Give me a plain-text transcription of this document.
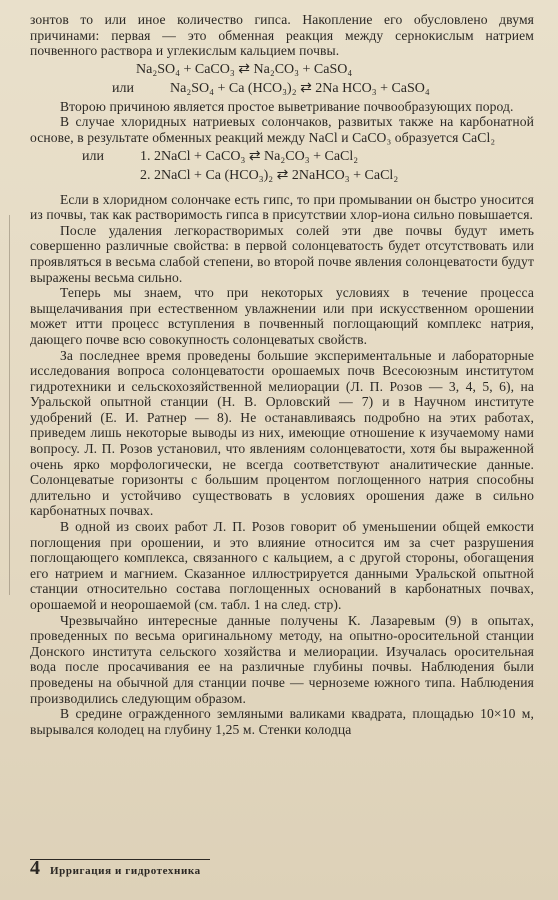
зонтов то или иное количество гипса. Накопление его обусловлено двумя причинами: первая — это обменная реакция между сернокислым натрием почвенного раствора и углекислым кальцием почвы.

Na₂SO₄ + CaCO₃ ⇄ Na₂CO₃ + CaSO₄
или	Na₂SO₄ + Ca (HCO₃)₂ ⇄ 2Na HCO₃ + CaSO₄

Второю причиною является простое выветривание почвообразующих пород.

В случае хлоридных натриевых солончаков, развитых также на карбонатной основе, в результате обменных реакций между NaCl и CaCO₃ образуется CaCl₂

или	1. 2NaCl + CaCO₃ ⇄ Na₂CO₃ + CaCl₂
2. 2NaCl + Ca (HCO₃)₂ ⇄ 2NaHCO₃ + CaCl₂

Если в хлоридном солончаке есть гипс, то при промывании он быстро уносится из почвы, так как растворимость гипса в присутствии хлор-иона сильно повышается.

После удаления легкорастворимых солей эти две почвы будут иметь совершенно различные свойства: в первой солонцеватость будет отсутствовать или проявляться в весьма слабой степени, во второй почве явления солонцеватости будут выражены весьма сильно.

Теперь мы знаем, что при некоторых условиях в течение процесса выщелачивания при естественном увлажнении или при искусственном орошении может итти процесс вступления в почвенный поглощающий комплекс натрия, дающего почве всю совокупность солонцеватых свойств.

За последнее время проведены большие экспериментальные и лабораторные исследования вопроса солонцеватости орошаемых почв Всесоюзным институтом гидротехники и сельскохозяйственной мелиорации (Л. П. Розов — 3, 4, 5, 6), на Уральской опытной станции (Н. В. Орловский — 7) и в Научном институте удобрений (Е. И. Ратнер — 8). Не останавливаясь подробно на этих работах, приведем лишь некоторые выводы из них, имеющие отношение к изучаемому нами вопросу. Л. П. Розов установил, что явлениям солонцеватости, хотя бы выраженной очень ярко морфологически, не всегда соответствуют аналитические данные. Солонцеватые горизонты с большим процентом поглощенного натрия способны длительно и устойчиво существовать в условиях орошения даже в сильно карбонатных почвах.

В одной из своих работ Л. П. Розов говорит об уменьшении общей емкости поглощения при орошении, и это влияние относится им за счет разрушения поглощающего комплекса, связанного с кальцием, а с другой стороны, обогащения его натрием и магнием. Сказанное иллюстрируется данными Уральской опытной станции относительно состава поглощенных оснований в карбонатных почвах, орошаемой и неорошаемой (см. табл. 1 на след. стр).

Чрезвычайно интересные данные получены К. Лазаревым (9) в опытах, проведенных по весьма оригинальному методу, на опытно-оросительной станции Донского института сельского хозяйства и мелиорации. Изучалась оросительная вода после просачивания ее на различные глубины почвы. Наблюдения были проведены на обычной для станции почве — черноземе южного типа. Наблюдения производились следующим образом.

В средине огражденного земляными валиками квадрата, площадью 10×10 м, вырывался колодец на глубину 1,25 м. Стенки колодца

4 Ирригация и гидротехника
